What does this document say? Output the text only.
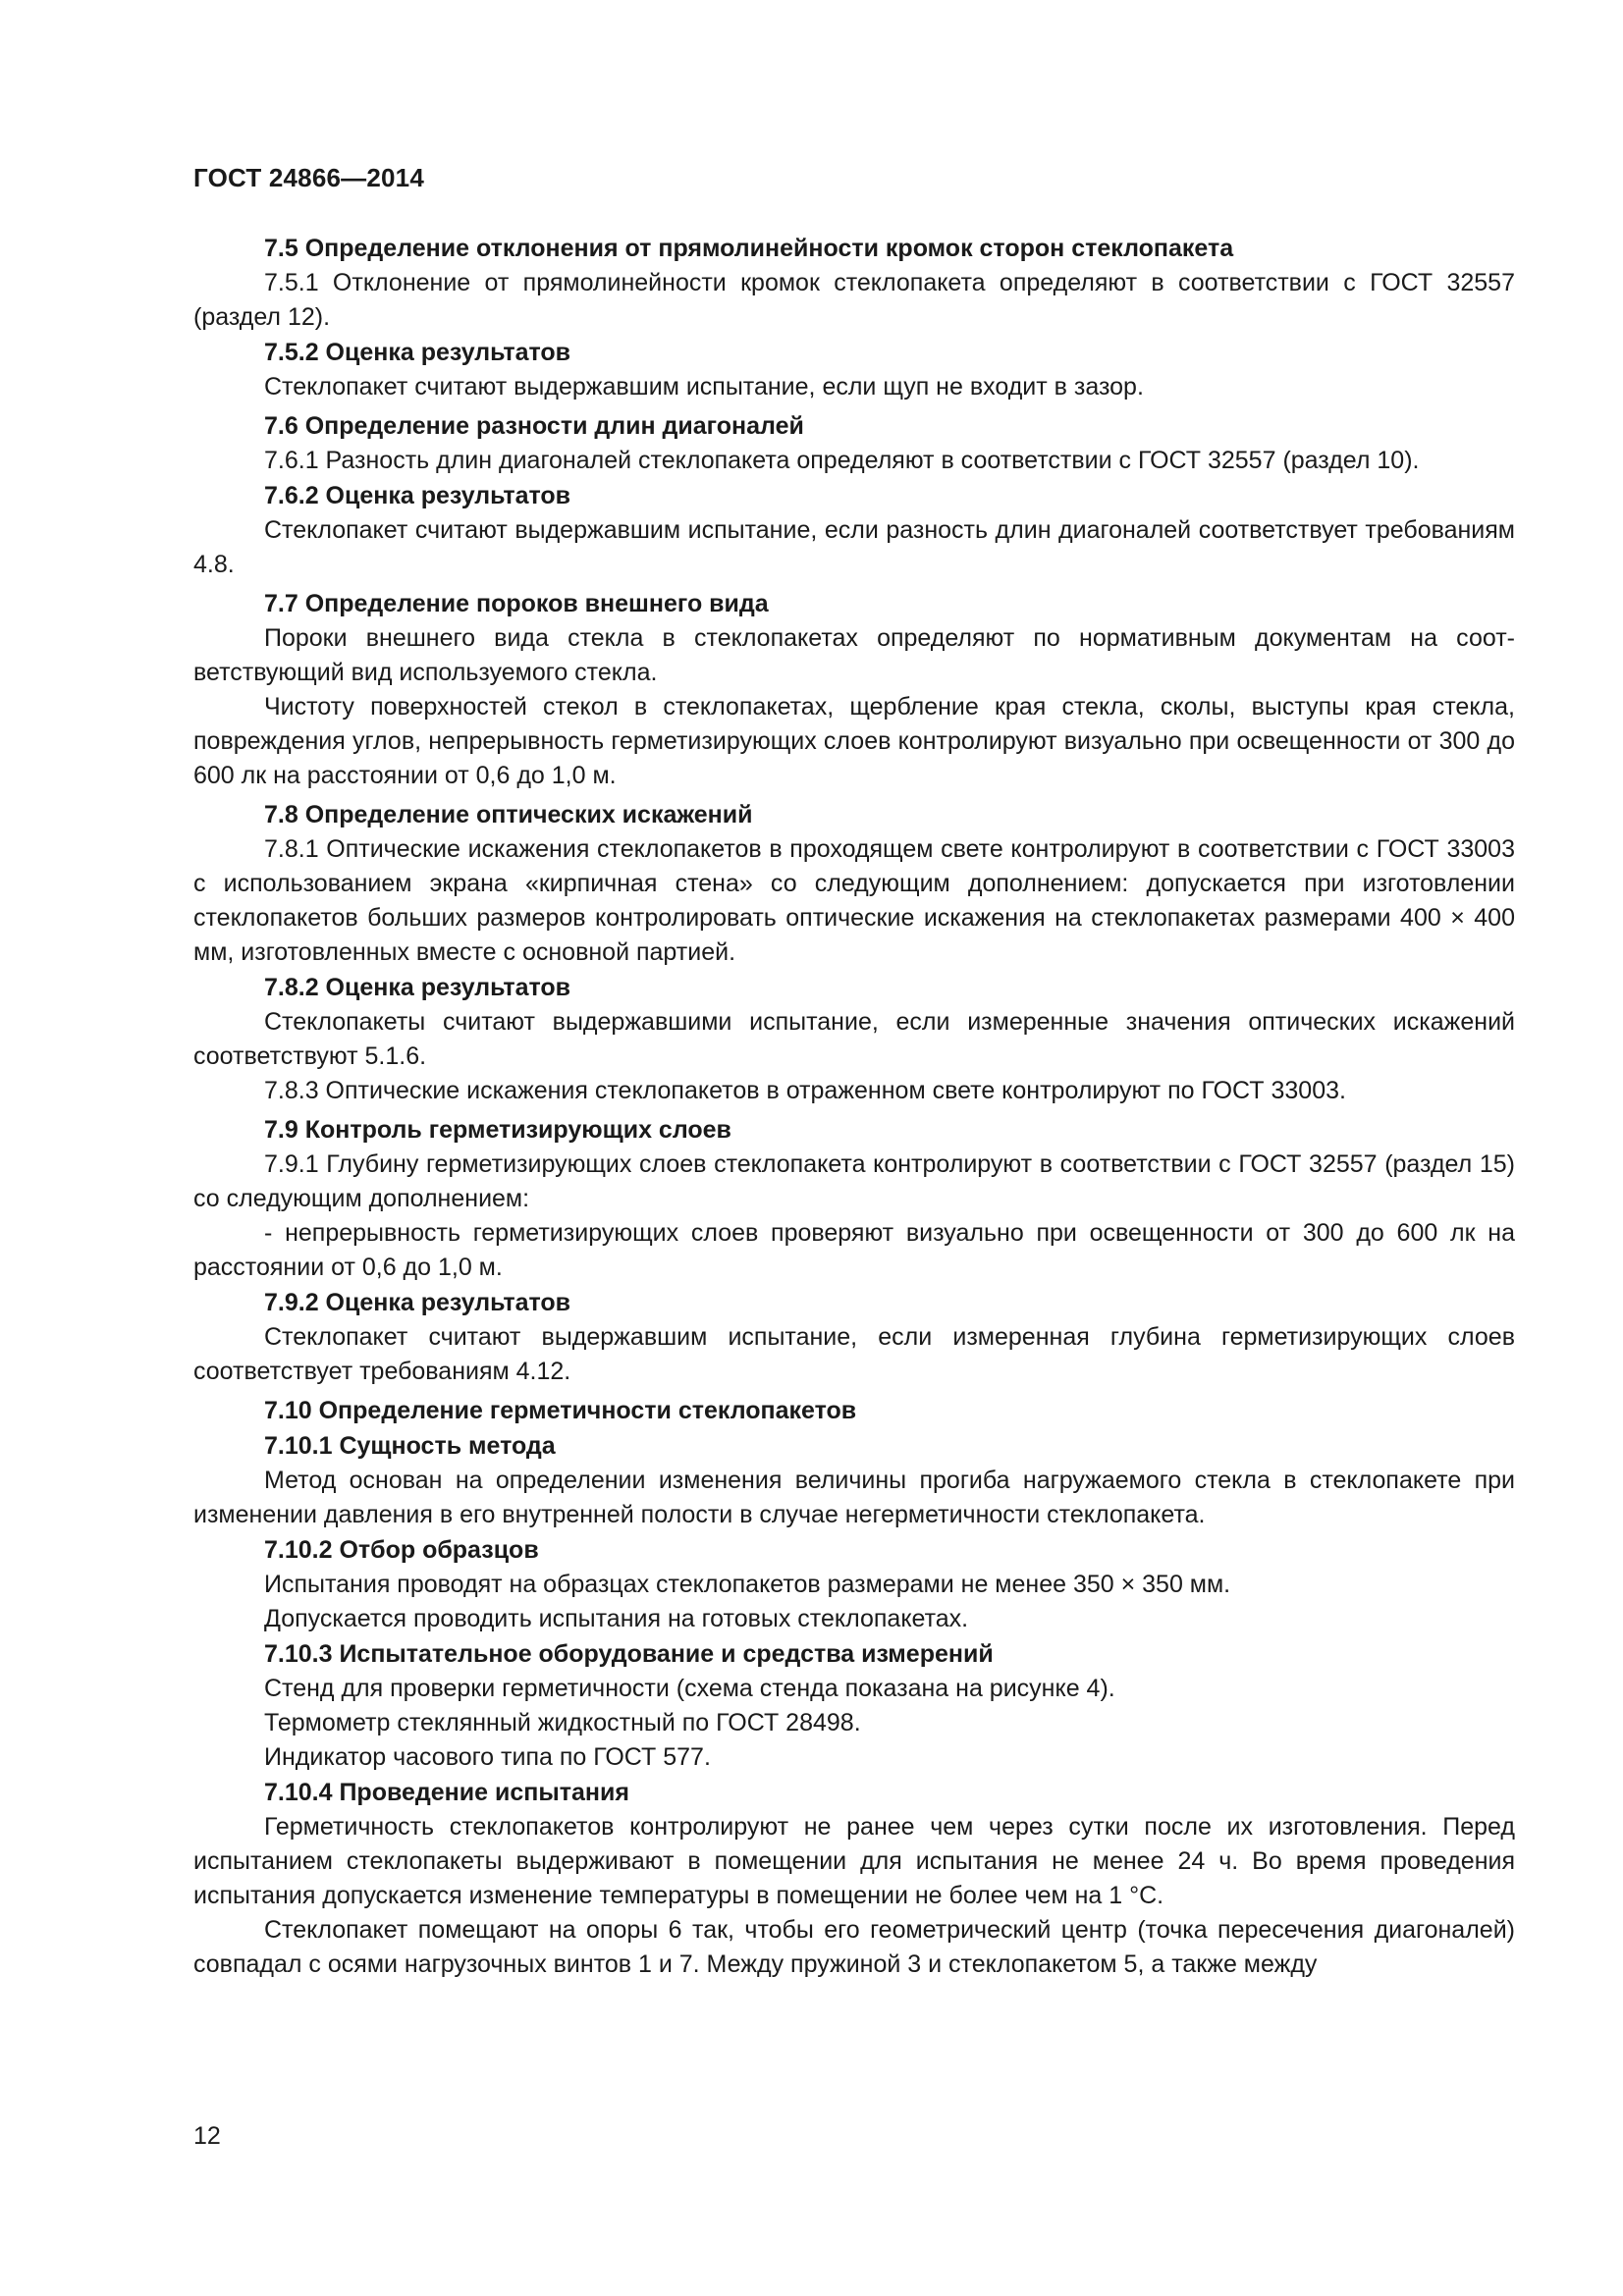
ГОСТ 24866—2014

7.5 Определение отклонения от прямолинейности кромок сторон стеклопакета

7.5.1 Отклонение от прямолинейности кромок стеклопакета определяют в соответствии с ГОСТ 32557 (раздел 12).

7.5.2 Оценка результатов

Стеклопакет считают выдержавшим испытание, если щуп не входит в зазор.

7.6 Определение разности длин диагоналей

7.6.1 Разность длин диагоналей стеклопакета определяют в соответствии с ГОСТ 32557 (раздел 10).

7.6.2 Оценка результатов

Стеклопакет считают выдержавшим испытание, если разность длин диагоналей соответствует требованиям 4.8.

7.7 Определение пороков внешнего вида

Пороки внешнего вида стекла в стеклопакетах определяют по нормативным документам на соответствующий вид используемого стекла.

Чистоту поверхностей стекол в стеклопакетах, щербление края стекла, сколы, выступы края стекла, повреждения углов, непрерывность герметизирующих слоев контролируют визуально при освещенности от 300 до 600 лк на расстоянии от 0,6 до 1,0 м.

7.8 Определение оптических искажений

7.8.1 Оптические искажения стеклопакетов в проходящем свете контролируют в соответствии с ГОСТ 33003 с использованием экрана «кирпичная стена» со следующим дополнением: допускается при изготовлении стеклопакетов больших размеров контролировать оптические искажения на стеклопакетах размерами 400 × 400 мм, изготовленных вместе с основной партией.

7.8.2 Оценка результатов

Стеклопакеты считают выдержавшими испытание, если измеренные значения оптических искажений соответствуют 5.1.6.

7.8.3 Оптические искажения стеклопакетов в отраженном свете контролируют по ГОСТ 33003.

7.9 Контроль герметизирующих слоев

7.9.1 Глубину герметизирующих слоев стеклопакета контролируют в соответствии с ГОСТ 32557 (раздел 15) со следующим дополнением:

- непрерывность герметизирующих слоев проверяют визуально при освещенности от 300 до 600 лк на расстоянии от 0,6 до 1,0 м.

7.9.2 Оценка результатов

Стеклопакет считают выдержавшим испытание, если измеренная глубина герметизирующих слоев соответствует требованиям 4.12.

7.10 Определение герметичности стеклопакетов

7.10.1 Сущность метода

Метод основан на определении изменения величины прогиба нагружаемого стекла в стеклопакете при изменении давления в его внутренней полости в случае негерметичности стеклопакета.

7.10.2 Отбор образцов

Испытания проводят на образцах стеклопакетов размерами не менее 350 × 350 мм.

Допускается проводить испытания на готовых стеклопакетах.

7.10.3 Испытательное оборудование и средства измерений

Стенд для проверки герметичности (схема стенда показана на рисунке 4).

Термометр стеклянный жидкостный по ГОСТ 28498.

Индикатор часового типа по ГОСТ 577.

7.10.4 Проведение испытания

Герметичность стеклопакетов контролируют не ранее чем через сутки после их изготовления. Перед испытанием стеклопакеты выдерживают в помещении для испытания не менее 24 ч. Во время проведения испытания допускается изменение температуры в помещении не более чем на 1 °С.

Стеклопакет помещают на опоры 6 так, чтобы его геометрический центр (точка пересечения диагоналей) совпадал с осями нагрузочных винтов 1 и 7. Между пружиной 3 и стеклопакетом 5, а также между

12
